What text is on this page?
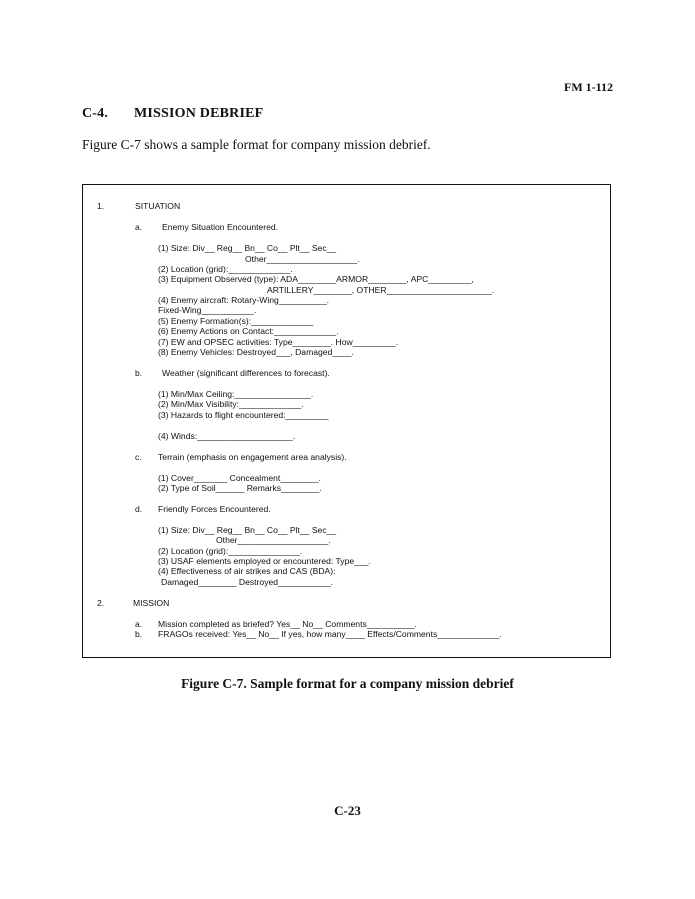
FM 1-112
C-4. MISSION DEBRIEF
Figure C-7 shows a sample format for company mission debrief.
1.	SITUATION
a. Enemy Situation Encountered.
(1) Size: Div__ Reg__ Bn__ Co__ Plt__ Sec__
Other___________________.
(2) Location (grid):_____________.
(3) Equipment Observed (type): ADA________ARMOR________, APC_________,
ARTILLERY________, OTHER______________________.
(4) Enemy aircraft: Rotary-Wing__________.
Fixed-Wing___________.
(5) Enemy Formation(s):_____________
(6) Enemy Actions on Contact:_____________.
(7) EW and OPSEC activities: Type________. How_________.
(8) Enemy Vehicles: Destroyed___, Damaged____.
b. Weather (significant differences to forecast).
(1) Min/Max Ceiling:________________.
(2) Min/Max Visibility:_____________.
(3) Hazards to flight encountered:_________
(4) Winds:____________________.
c. Terrain (emphasis on engagement area analysis).
(1) Cover_______ Concealment________.
(2) Type of Soil______ Remarks________.
d. Friendly Forces Encountered.
(1) Size: Div__ Reg__ Bn__ Co__ Plt__ Sec__
Other___________________.
(2) Location (grid):_______________.
(3) USAF elements employed or encountered: Type___.
(4) Effectiveness of air strikes and CAS (BDA):
Damaged________ Destroyed___________.
2.	MISSION
a. Mission completed as briefed? Yes__ No__ Comments__________.
b. FRAGOs received: Yes__ No__ If yes, how many____ Effects/Comments_____________.
Figure C-7. Sample format for a company mission debrief
C-23
